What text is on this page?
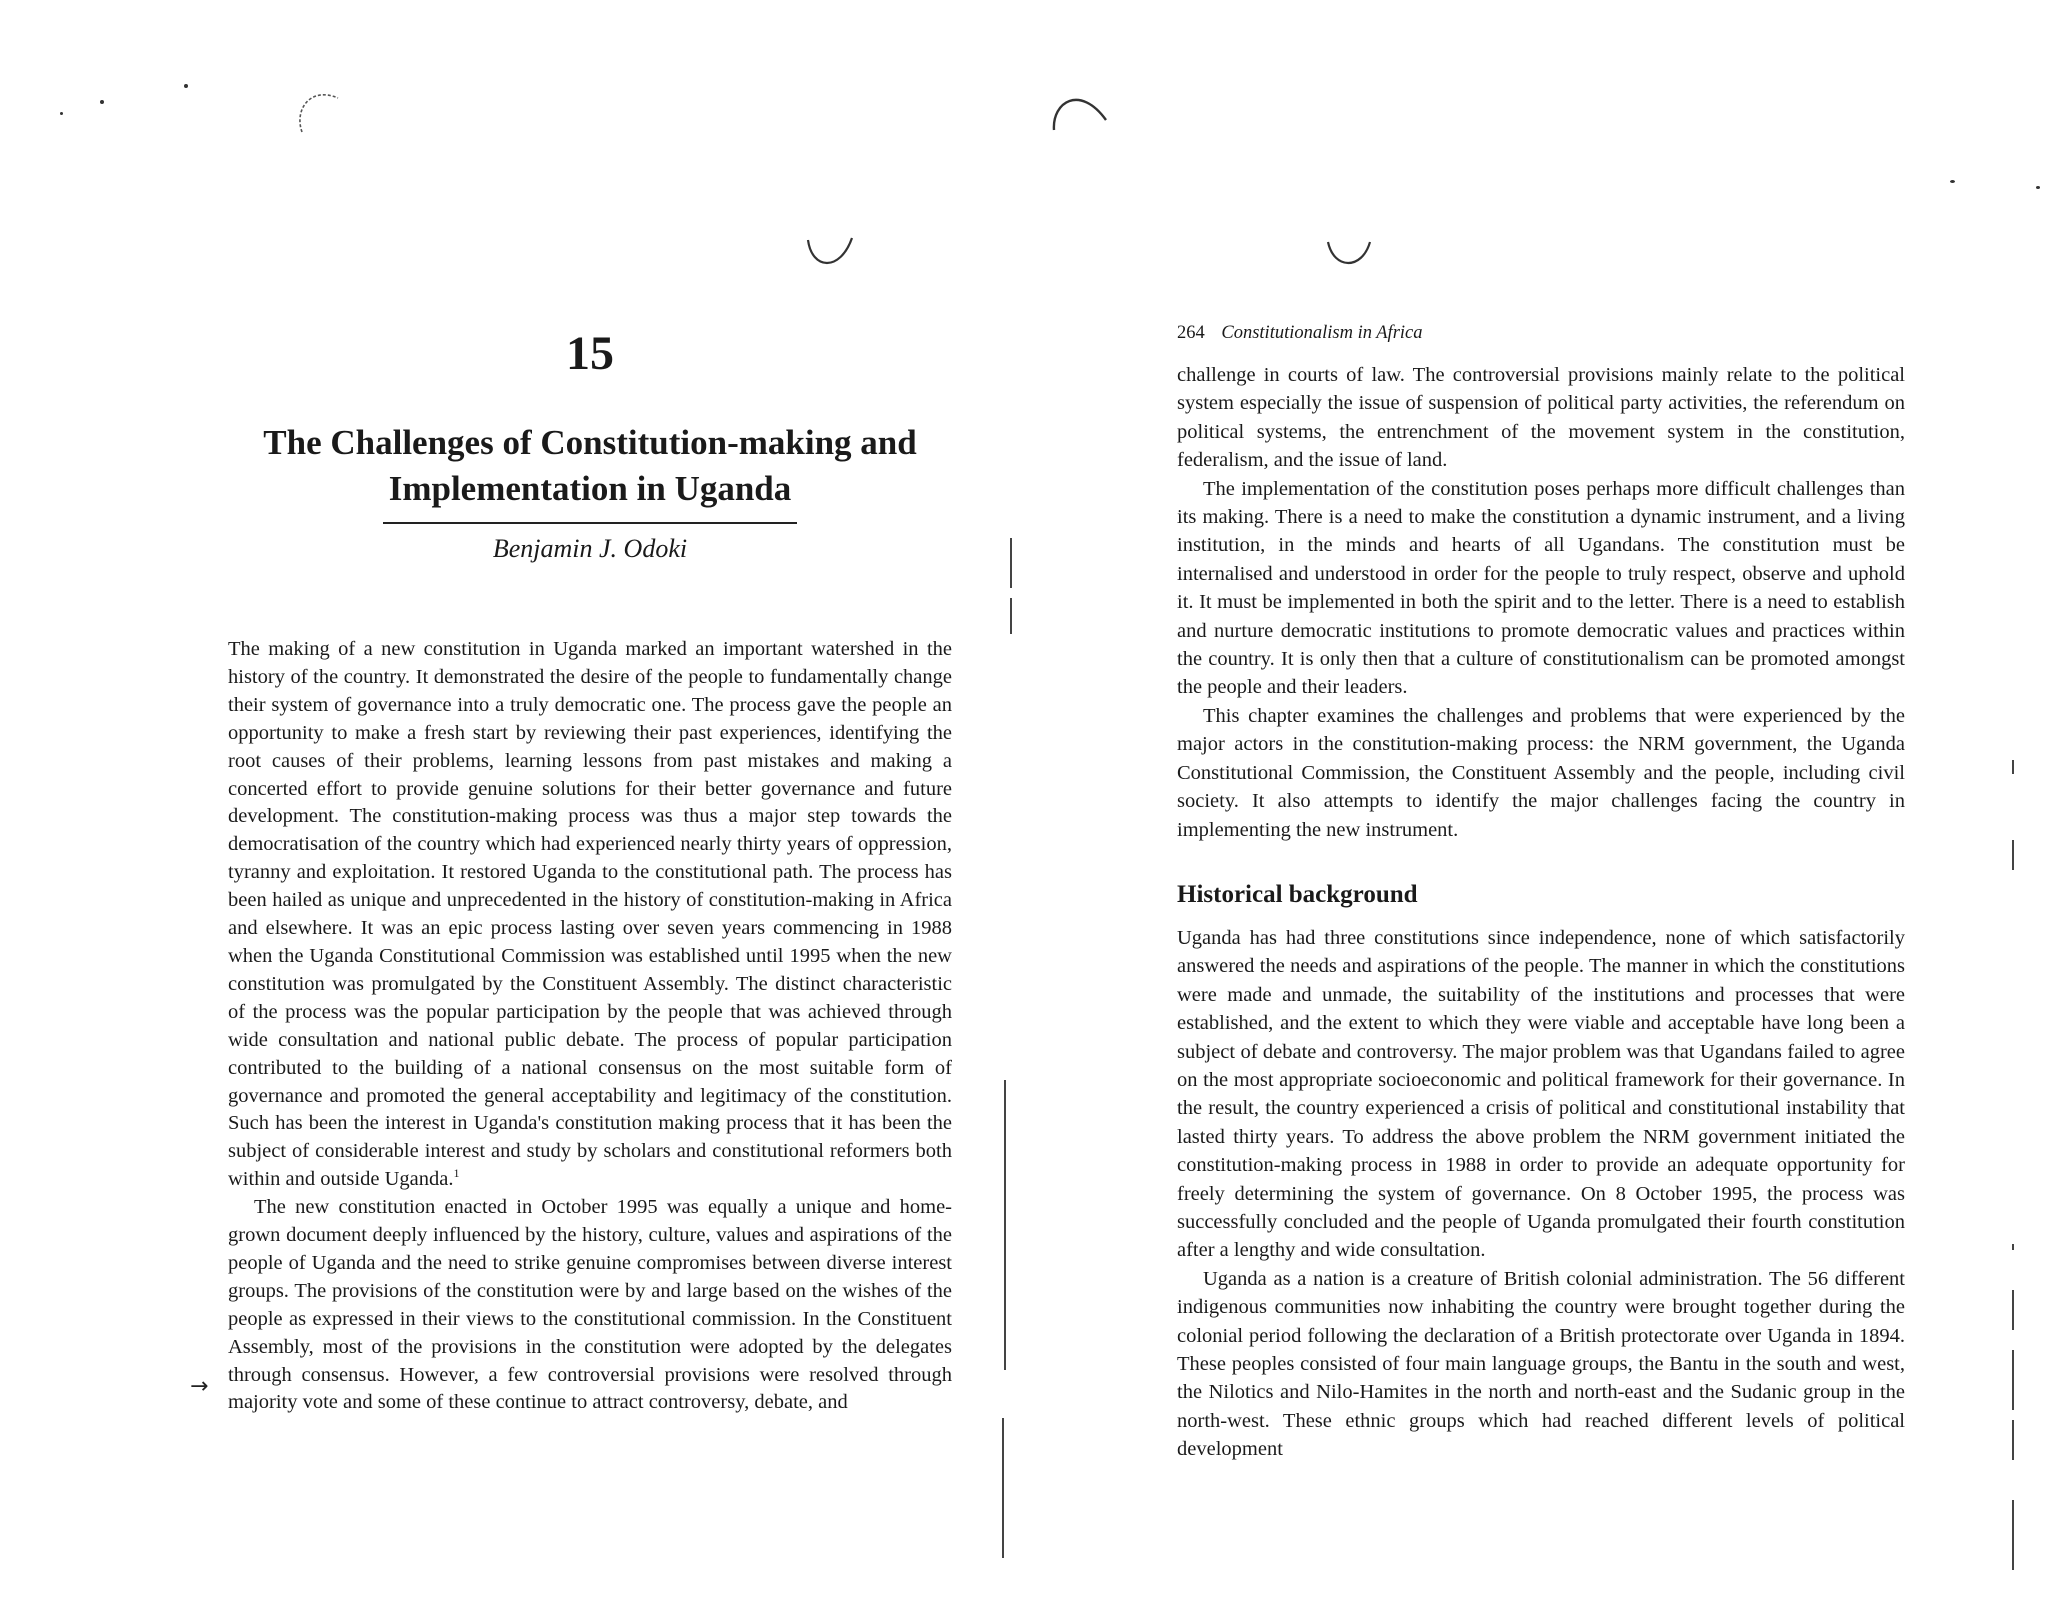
15
The Challenges of Constitution-making and Implementation in Uganda
Benjamin J. Odoki

The making of a new constitution in Uganda marked an important watershed in the history of the country. It demonstrated the desire of the people to fundamentally change their system of governance into a truly democratic one. The process gave the people an opportunity to make a fresh start by reviewing their past experiences, identifying the root causes of their problems, learning lessons from past mistakes and making a concerted effort to provide genuine solutions for their better governance and future development. The constitution-making process was thus a major step towards the democratisation of the country which had experienced nearly thirty years of oppression, tyranny and exploitation. It restored Uganda to the constitutional path. The process has been hailed as unique and unprecedented in the history of constitution-making in Africa and elsewhere. It was an epic process lasting over seven years commencing in 1988 when the Uganda Constitutional Commission was established until 1995 when the new constitution was promulgated by the Constituent Assembly. The distinct characteristic of the process was the popular participation by the people that was achieved through wide consultation and national public debate. The process of popular participation contributed to the building of a national consensus on the most suitable form of governance and promoted the general acceptability and legitimacy of the constitution. Such has been the interest in Uganda's constitution making process that it has been the subject of considerable interest and study by scholars and constitutional reformers both within and outside Uganda.$^1$

The new constitution enacted in October 1995 was equally a unique and home-grown document deeply influenced by the history, culture, values and aspirations of the people of Uganda and the need to strike genuine compromises between diverse interest groups. The provisions of the constitution were by and large based on the wishes of the people as expressed in their views to the constitutional commission. In the Constituent Assembly, most of the provisions in the constitution were adopted by the delegates through consensus. However, a few controversial provisions were resolved through majority vote and some of these continue to attract controversy, debate, and

→
264 Constitutionalism in Africa

challenge in courts of law. The controversial provisions mainly relate to the political system especially the issue of suspension of political party activities, the referendum on political systems, the entrenchment of the movement system in the constitution, federalism, and the issue of land.

The implementation of the constitution poses perhaps more difficult challenges than its making. There is a need to make the constitution a dynamic instrument, and a living institution, in the minds and hearts of all Ugandans. The constitution must be internalised and understood in order for the people to truly respect, observe and uphold it. It must be implemented in both the spirit and to the letter. There is a need to establish and nurture democratic institutions to promote democratic values and practices within the country. It is only then that a culture of constitutionalism can be promoted amongst the people and their leaders.

This chapter examines the challenges and problems that were experienced by the major actors in the constitution-making process: the NRM government, the Uganda Constitutional Commission, the Constituent Assembly and the people, including civil society. It also attempts to identify the major challenges facing the country in implementing the new instrument.

Historical background

Uganda has had three constitutions since independence, none of which satisfactorily answered the needs and aspirations of the people. The manner in which the constitutions were made and unmade, the suitability of the institutions and processes that were established, and the extent to which they were viable and acceptable have long been a subject of debate and controversy. The major problem was that Ugandans failed to agree on the most appropriate socioeconomic and political framework for their governance. In the result, the country experienced a crisis of political and constitutional instability that lasted thirty years. To address the above problem the NRM government initiated the constitution-making process in 1988 in order to provide an adequate opportunity for freely determining the system of governance. On 8 October 1995, the process was successfully concluded and the people of Uganda promulgated their fourth constitution after a lengthy and wide consultation.

Uganda as a nation is a creature of British colonial administration. The 56 different indigenous communities now inhabiting the country were brought together during the colonial period following the declaration of a British protectorate over Uganda in 1894. These peoples consisted of four main language groups, the Bantu in the south and west, the Nilotics and Nilo-Hamites in the north and north-east and the Sudanic group in the north-west. These ethnic groups which had reached different levels of political development
